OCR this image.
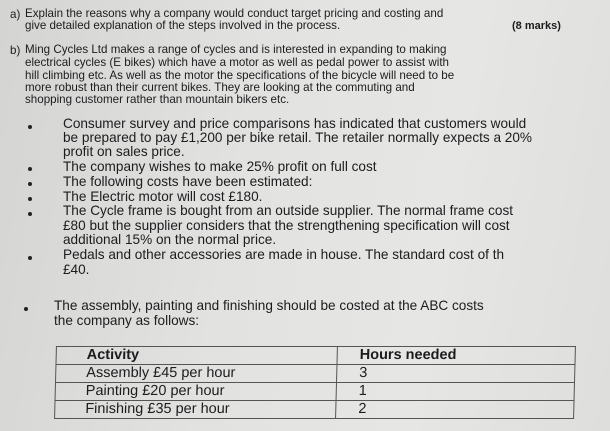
a) Explain the reasons why a company would conduct target pricing and costing and
give detailed explanation of the steps involved in the process.	(8 marks)
b) Ming Cycles Ltd makes a range of cycles and is interested in expanding to making
electrical cycles (E bikes) which have a motor as well as pedal power to assist with
hill climbing etc. As well as the motor the specifications of the bicycle will need to be
more robust than their current bikes. They are looking at the commuting and
shopping customer rather than mountain bikers etc.
Consumer survey and price comparisons has indicated that customers would
be prepared to pay £1,200 per bike retail. The retailer normally expects a 20%
profit on sales price.
The company wishes to make 25% profit on full cost
The following costs have been estimated:
The Electric motor will cost £180.
The Cycle frame is bought from an outside supplier. The normal frame cost
£80 but the supplier considers that the strengthening specification will cost
additional 15% on the normal price.
Pedals and other accessories are made in house. The standard cost of th
£40.
The assembly, painting and finishing should be costed at the ABC costs
the company as follows:
Activity	Hours needed
Assembly £45 per hour	3
Painting £20 per hour	1
Finishing £35 per hour	2
